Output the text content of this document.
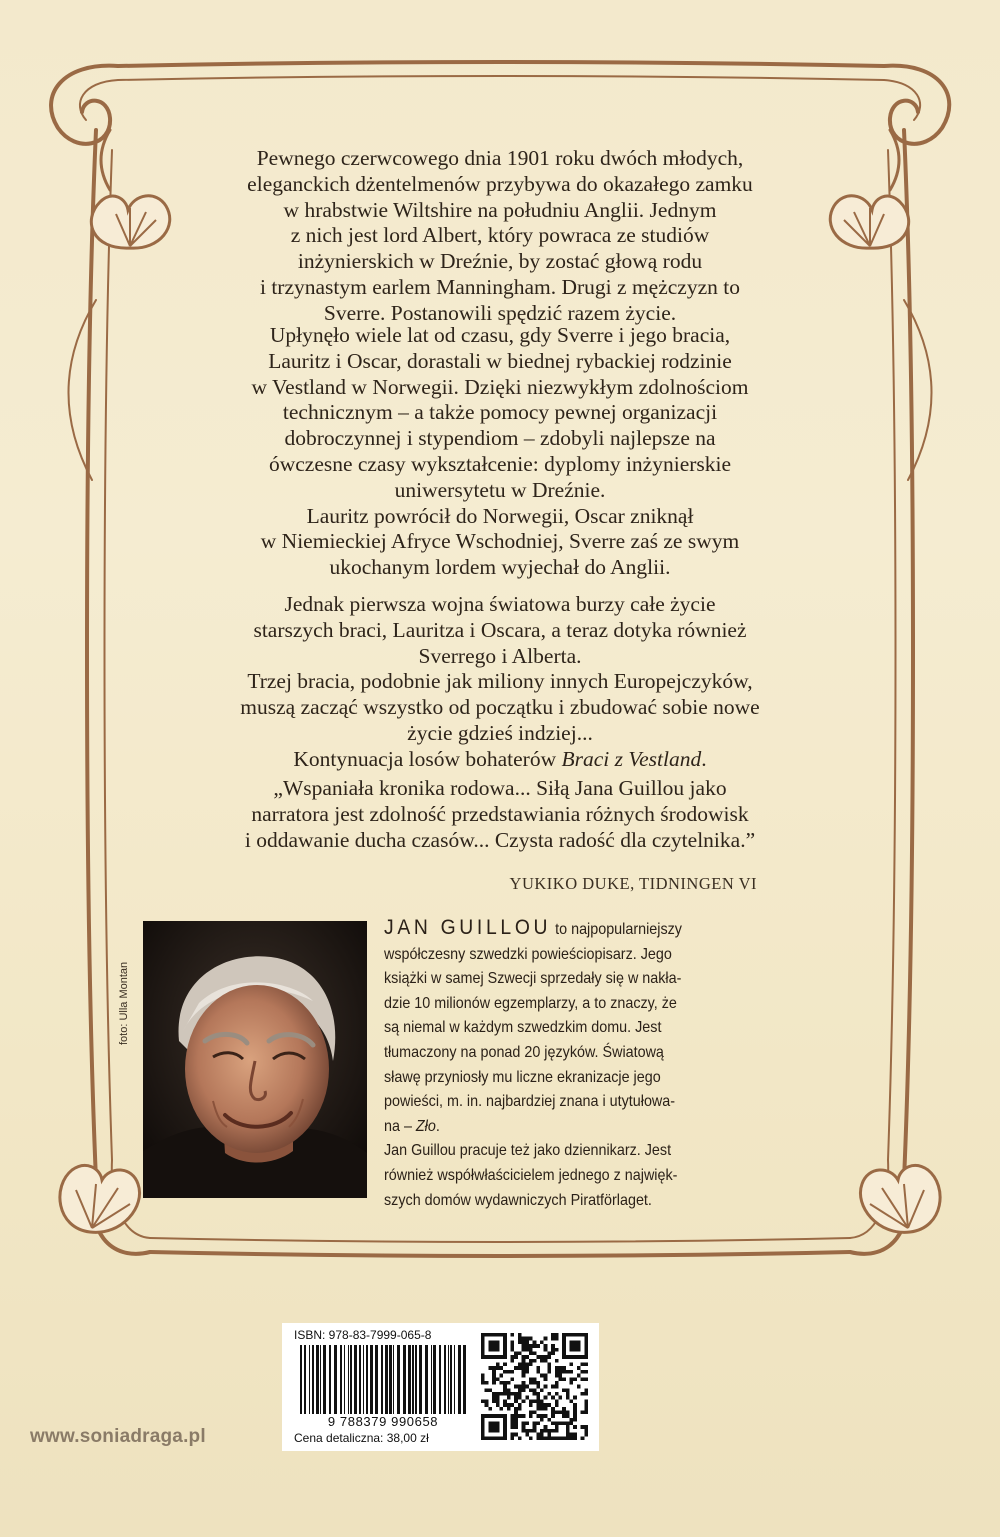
Pewnego czerwcowego dnia 1901 roku dwóch młodych,

eleganckich dżentelmenów przybywa do okazałego zamku

w hrabstwie Wiltshire na południu Anglii. Jednym

z nich jest lord Albert, który powraca ze studiów

inżynierskich w Dreźnie, by zostać głową rodu

i trzynastym earlem Manningham. Drugi z mężczyzn to

Sverre. Postanowili spędzić razem życie.

Upłynęło wiele lat od czasu, gdy Sverre i jego bracia,

Lauritz i Oscar, dorastali w biednej rybackiej rodzinie

w Vestland w Norwegii. Dzięki niezwykłym zdolnościom

technicznym – a także pomocy pewnej organizacji

dobroczynnej i stypendiom – zdobyli najlepsze na

ówczesne czasy wykształcenie: dyplomy inżynierskie

uniwersytetu w Dreźnie.

Lauritz powrócił do Norwegii, Oscar zniknął

w Niemieckiej Afryce Wschodniej, Sverre zaś ze swym

ukochanym lordem wyjechał do Anglii.

Jednak pierwsza wojna światowa burzy całe życie

starszych braci, Lauritza i Oscara, a teraz dotyka również

Sverrego i Alberta.

Trzej bracia, podobnie jak miliony innych Europejczyków,

muszą zacząć wszystko od początku i zbudować sobie nowe

życie gdzieś indziej...

Kontynuacja losów bohaterów Braci z Vestland.

„Wspaniała kronika rodowa... Siłą Jana Guillou jako

narratora jest zdolność przedstawiania różnych środowisk

i oddawanie ducha czasów... Czysta radość dla czytelnika.”

YUKIKO DUKE, TIDNINGEN VI
foto: Ulla Montan

JAN GUILLOU to najpopularniejszy

współczesny szwedzki powieściopisarz. Jego

książki w samej Szwecji sprzedały się w nakła-

dzie 10 milionów egzemplarzy, a to znaczy, że

są niemal w każdym szwedzkim domu. Jest

tłumaczony na ponad 20 języków. Światową

sławę przyniosły mu liczne ekranizacje jego

powieści, m. in. najbardziej znana i utytułowa-

na – Zło.

Jan Guillou pracuje też jako dziennikarz. Jest

również współwłaścicielem jednego z najwięk-

szych domów wydawniczych Piratförlaget.

ISBN: 978-83-7999-065-8
9 788379 990658
Cena detaliczna: 38,00 zł
www.soniadraga.pl
